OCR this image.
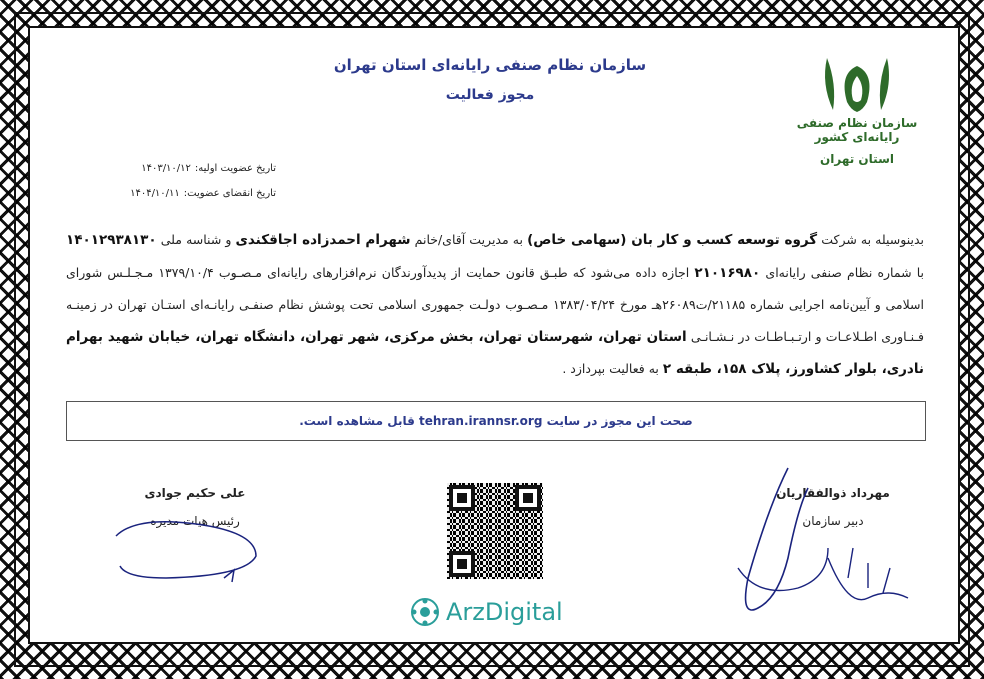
سازمان نظام صنفی رایانه‌ای استان تهران
مجوز فعالیت
سازمان نظام صنفی رایانه‌ای کشور
استان تهران
تاریخ عضویت اولیه:
۱۴۰۳/۱۰/۱۲
تاریخ انقضای عضویت:
۱۴۰۴/۱۰/۱۱
بدینوسیله به شرکت گروه توسعه کسب و کار بان (سهامی خاص) به مدیریت آقای/خانم شهرام احمدزاده اجاقکندی و شناسه ملی ۱۴۰۱۲۹۳۸۱۳۰ با شماره نظام صنفی رایانه‌ای ۲۱۰۱۶۹۸۰ اجازه داده می‌شود که طبـق قانون حمایت از پدیدآورندگان نرم‌افزارهای رایانه‌ای مـصـوب ۱۳۷۹/۱۰/۴ مـجـلـس شورای اسلامی و آیین‌نامه اجرایی شماره ۲۱۱۸۵/ت۲۶۰۸۹هـ مورخ ۱۳۸۳/۰۴/۲۴ مـصـوب دولـت جمهوری اسلامی تحت پوشش نظام صنفـی رایانـه‌ای استـان تهران در زمینـه فـنـاوری اطـلاعـات و ارتـبـاطـات در نـشـانـی استان تهران، شهرستان تهران، بخش مرکزی، شهر تهران، دانشگاه تهران، خیابان شهید بهرام نادری، بلوار کشاورز، پلاک ۱۵۸، طبقه ۲ به فعالیت بپردازد .
صحت این مجوز در سایت

tehran.irannsr.org

قابل مشاهده است.
علی حکیم جوادی
رئیس هیات مدیره
مهرداد ذوالفقاریان
دبیر سازمان
ArzDigital
